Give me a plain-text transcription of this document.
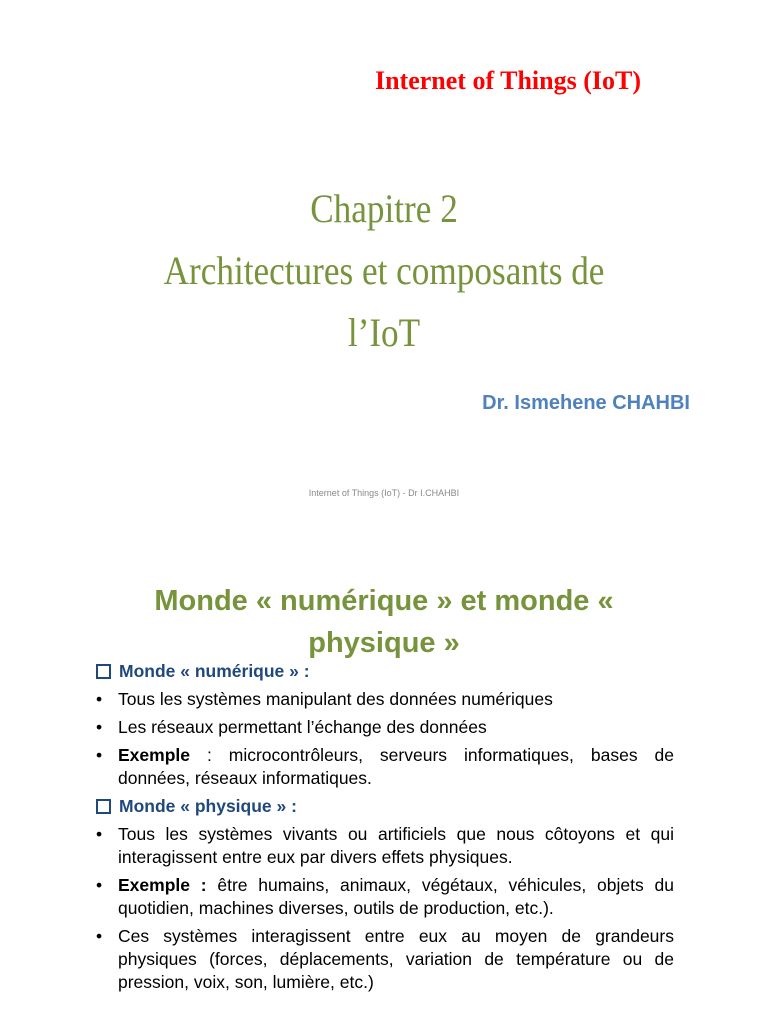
Internet of Things (IoT)
Chapitre 2
Architectures et composants de
l’IoT
Dr. Ismehene CHAHBI
Internet of Things (IoT) - Dr I.CHAHBI
Monde « numérique » et monde «
physique »
Monde « numérique » :
• Tous les systèmes manipulant des données numériques
• Les réseaux permettant l’échange des données
• Exemple : microcontrôleurs, serveurs informatiques, bases de données, réseaux informatiques.
Monde « physique » :
• Tous les systèmes vivants ou artificiels que nous côtoyons et qui interagissent entre eux par divers effets physiques.
• Exemple : être humains, animaux, végétaux, véhicules, objets du quotidien, machines diverses, outils de production, etc.).
• Ces systèmes interagissent entre eux au moyen de grandeurs physiques (forces, déplacements, variation de température ou de pression, voix, son, lumière, etc.)
